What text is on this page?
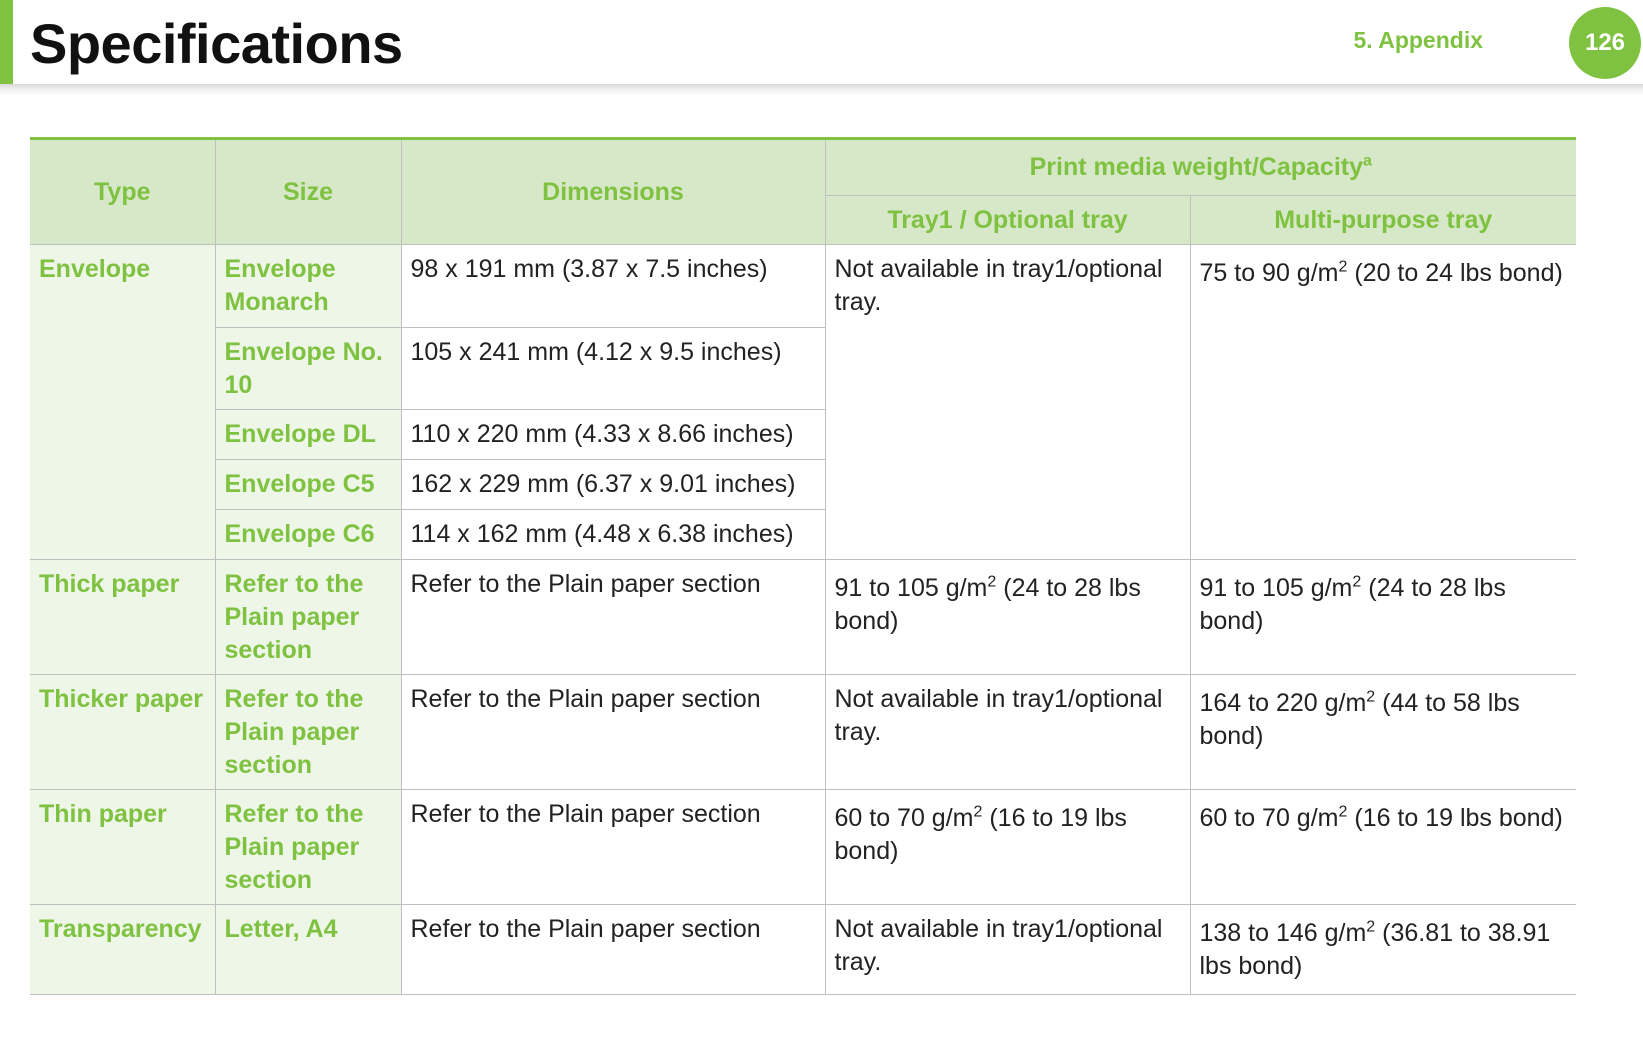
Specifications	5. Appendix	126
Type	Size	Dimensions	Print media weight/Capacity$^a$
			Tray1 / Optional tray	Multi-purpose tray
Envelope	Envelope Monarch	98 x 191 mm (3.87 x 7.5 inches)	Not available in tray1/optional tray.	75 to 90 $g/m^2$ (20 to 24 lbs bond)
	Envelope No. 10	105 x 241 mm (4.12 x 9.5 inches)		
	Envelope DL	110 x 220 mm (4.33 x 8.66 inches)		
	Envelope C5	162 x 229 mm (6.37 x 9.01 inches)		
	Envelope C6	114 x 162 mm (4.48 x 6.38 inches)		
Thick paper	Refer to the Plain paper section	Refer to the Plain paper section	91 to 105 $g/m^2$ (24 to 28 lbs bond)	91 to 105 $g/m^2$ (24 to 28 lbs bond)
Thicker paper	Refer to the Plain paper section	Refer to the Plain paper section	Not available in tray1/optional tray.	164 to 220 $g/m^2$ (44 to 58 lbs bond)
Thin paper	Refer to the Plain paper section	Refer to the Plain paper section	60 to 70 $g/m^2$ (16 to 19 lbs bond)	60 to 70 $g/m^2$ (16 to 19 lbs bond)
Transparency	Letter, A4	Refer to the Plain paper section	Not available in tray1/optional tray.	138 to 146 $g/m^2$ (36.81 to 38.91 lbs bond)
